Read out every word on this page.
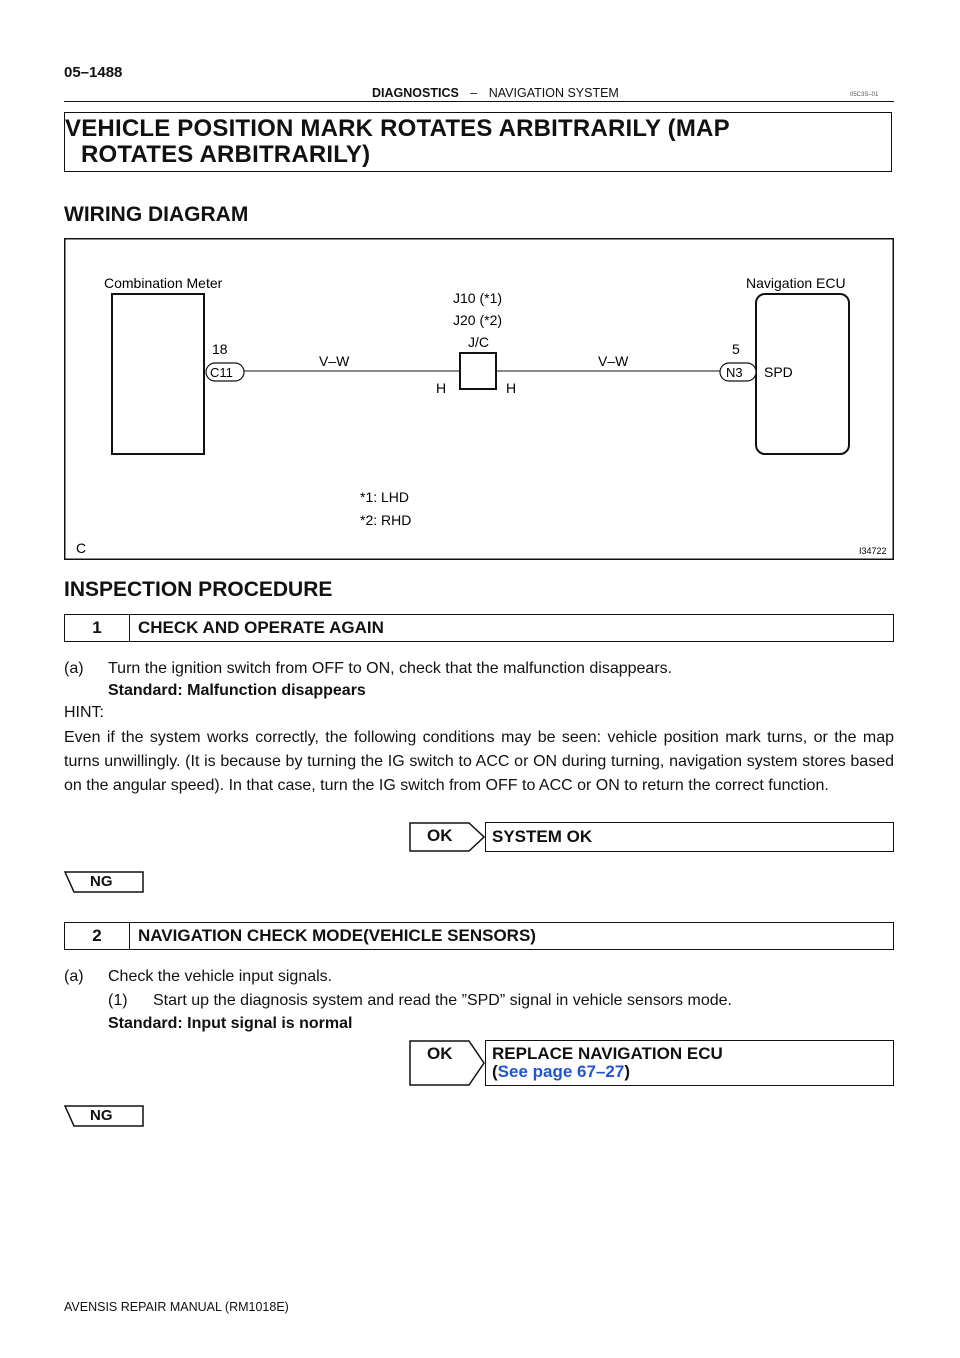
05–1488
DIAGNOSTICS – NAVIGATION SYSTEM	05C3S–01
VEHICLE POSITION MARK ROTATES ARBITRARILY (MAP
ROTATES ARBITRARILY)
WIRING DIAGRAM
Combination Meter	Navigation ECU
18
C11
V–W
J10 (*1)
J20 (*2)
J/C
H	H
V–W
5
N3 SPD
*1: LHD
*2: RHD
C	I34722
INSPECTION PROCEDURE
1	CHECK AND OPERATE AGAIN
(a) Turn the ignition switch from OFF to ON, check that the malfunction disappears.
Standard: Malfunction disappears
HINT:
Even if the system works correctly, the following conditions may be seen: vehicle position mark turns, or the map turns unwillingly. (It is because by turning the IG switch to ACC or ON during turning, navigation system stores based on the angular speed). In that case, turn the IG switch from OFF to ACC or ON to return the correct function.
OK	SYSTEM OK
NG
2	NAVIGATION CHECK MODE(VEHICLE SENSORS)
(a) Check the vehicle input signals.
(1) Start up the diagnosis system and read the ”SPD” signal in vehicle sensors mode.
Standard: Input signal is normal
OK REPLACE NAVIGATION ECU
(See page 67–27)
NG
AVENSIS REPAIR MANUAL (RM1018E)
